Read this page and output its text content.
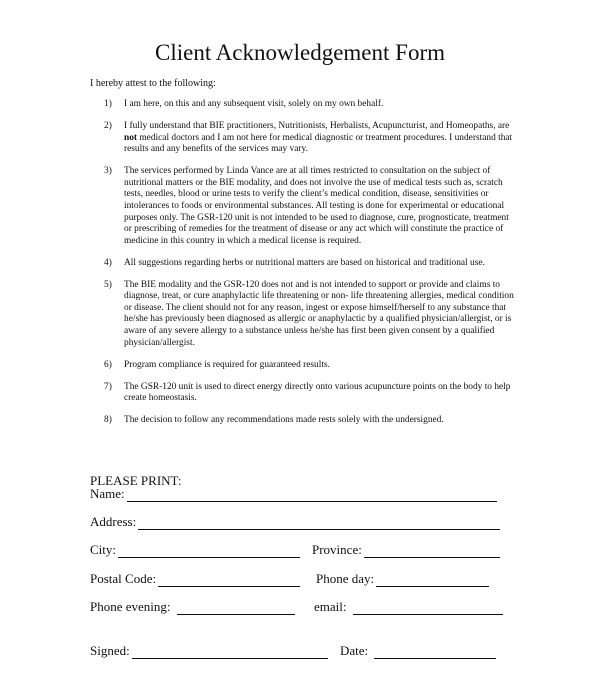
Client Acknowledgement Form
I hereby attest to the following:
1) I am here, on this and any subsequent visit, solely on my own behalf.
2) I fully understand that BIE practitioners, Nutritionists, Herbalists, Acupuncturist, and Homeopaths, are not medical doctors and I am not here for medical diagnostic or treatment procedures. I understand that results and any benefits of the services may vary.
3) The services performed by Linda Vance are at all times restricted to consultation on the subject of nutritional matters or the BIE modality, and does not involve the use of medical tests such as, scratch tests, needles, blood or urine tests to verify the client’s medical condition, disease, sensitivities or intolerances to foods or environmental substances. All testing is done for experimental or educational purposes only. The GSR-120 unit is not intended to be used to diagnose, cure, prognosticate, treatment or prescribing of remedies for the treatment of disease or any act which will constitute the practice of medicine in this country in which a medical license is required.
4) All suggestions regarding herbs or nutritional matters are based on historical and traditional use.
5) The BIE modality and the GSR-120 does not and is not intended to support or provide and claims to diagnose, treat, or cure anaphylactic life threatening or non- life threatening allergies, medical condition or disease. The client should not for any reason, ingest or expose himself/herself to any substance that he/she has previously been diagnosed as allergic or anaphylactic by a qualified physician/allergist, or is aware of any severe allergy to a substance unless he/she has first been given consent by a qualified physician/allergist.
6) Program compliance is required for guaranteed results.
7) The GSR-120 unit is used to direct energy directly onto various acupuncture points on the body to help create homeostasis.
8) The decision to follow any recommendations made rests solely with the undersigned.
PLEASE PRINT:
Name:
Address:
City:	Province:
Postal Code:	Phone day:
Phone evening:	email:
Signed:	Date:
